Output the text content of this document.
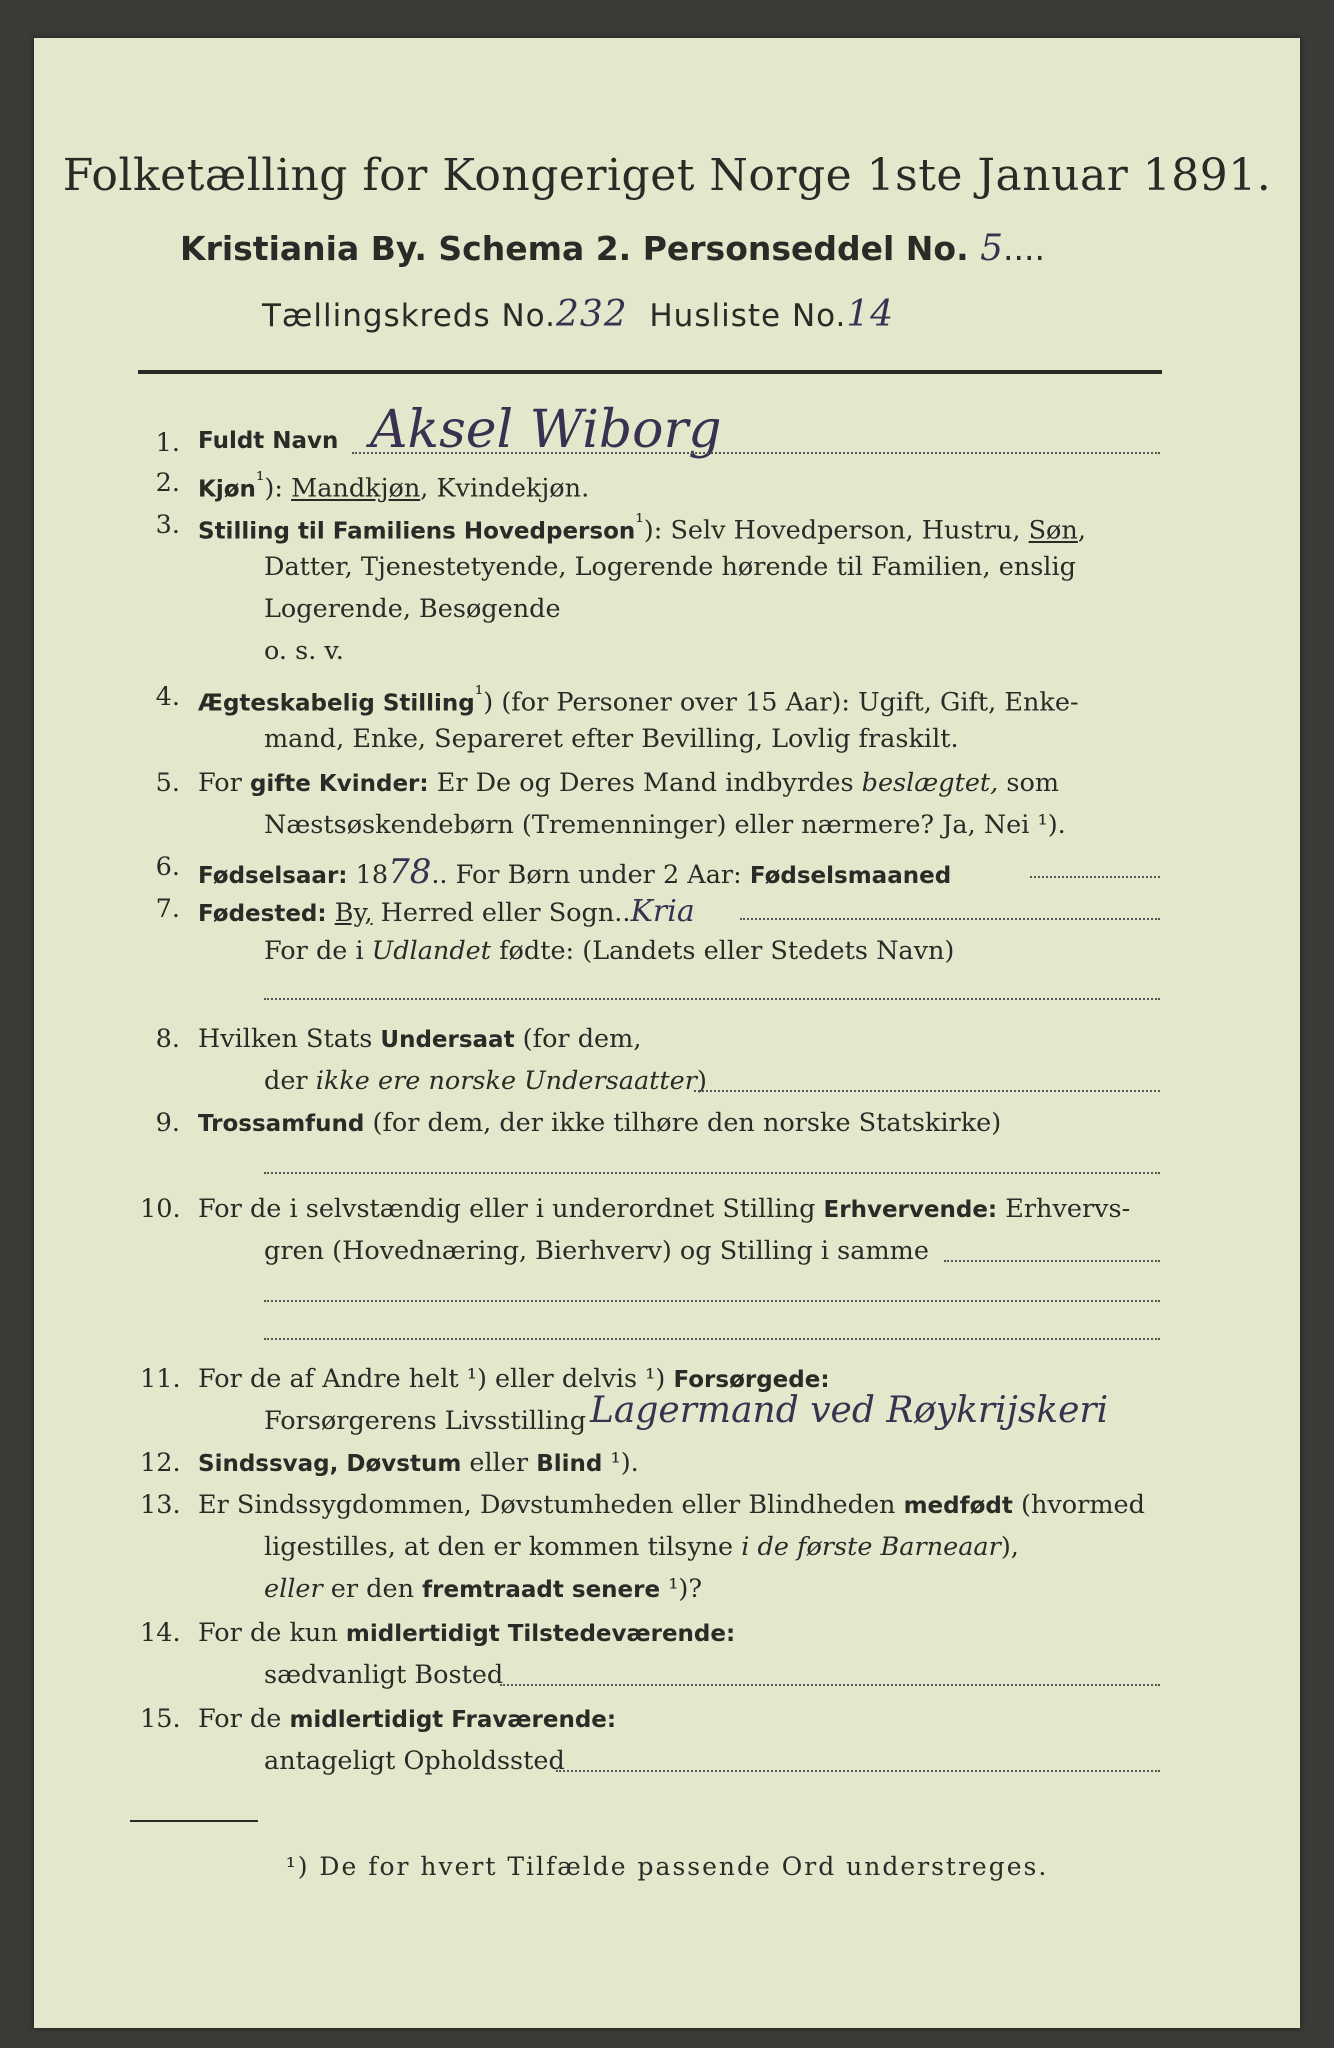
Folketælling for Kongeriget Norge 1ste Januar 1891.
Kristiania By. Schema 2. Personseddel No. 5....
Tællingskreds No.232 Husliste No.14
1. Fuldt Navn Aksel Wiborg
2. Kjøn$^{^1}$): Mandkjøn, Kvindekjøn.
3. Stilling til Familiens Hovedperson$^{^1}$): Selv Hovedperson, Hustru, Søn,
Datter, Tjenestetyende, Logerende hørende til Familien, enslig
Logerende, Besøgende
o. s. v.
4. Ægteskabelig Stilling$^{^1}$) (for Personer over 15 Aar): Ugift, Gift, Enke-
mand, Enke, Separeret efter Bevilling, Lovlig fraskilt.
5. For gifte Kvinder: Er De og Deres Mand indbyrdes beslægtet, som
Næstsøskendebørn (Tremenninger) eller nærmere? Ja, Nei ¹).
6. Fødselsaar: 1878.. For Børn under 2 Aar: Fødselsmaaned
7. Fødested: By, Herred eller Sogn..Kria
For de i Udlandet fødte: (Landets eller Stedets Navn)
8. Hvilken Stats Undersaat (for dem,
der ikke ere norske Undersaatter)
9. Trossamfund (for dem, der ikke tilhøre den norske Statskirke)
10. For de i selvstændig eller i underordnet Stilling Erhvervende: Erhvervs-
gren (Hovednæring, Bierhverv) og Stilling i samme
11. For de af Andre helt ¹) eller delvis ¹) Forsørgede:
Forsørgerens Livsstilling Lagermand ved Røykrijskeri
12. Sindssvag, Døvstum eller Blind ¹).
13. Er Sindssygdommen, Døvstumheden eller Blindheden medfødt (hvormed
ligestilles, at den er kommen tilsyne i de første Barneaar),
eller er den fremtraadt senere ¹)?
14. For de kun midlertidigt Tilstedeværende:
sædvanligt Bosted
15. For de midlertidigt Fraværende:
antageligt Opholdssted
¹) De for hvert Tilfælde passende Ord understreges.
